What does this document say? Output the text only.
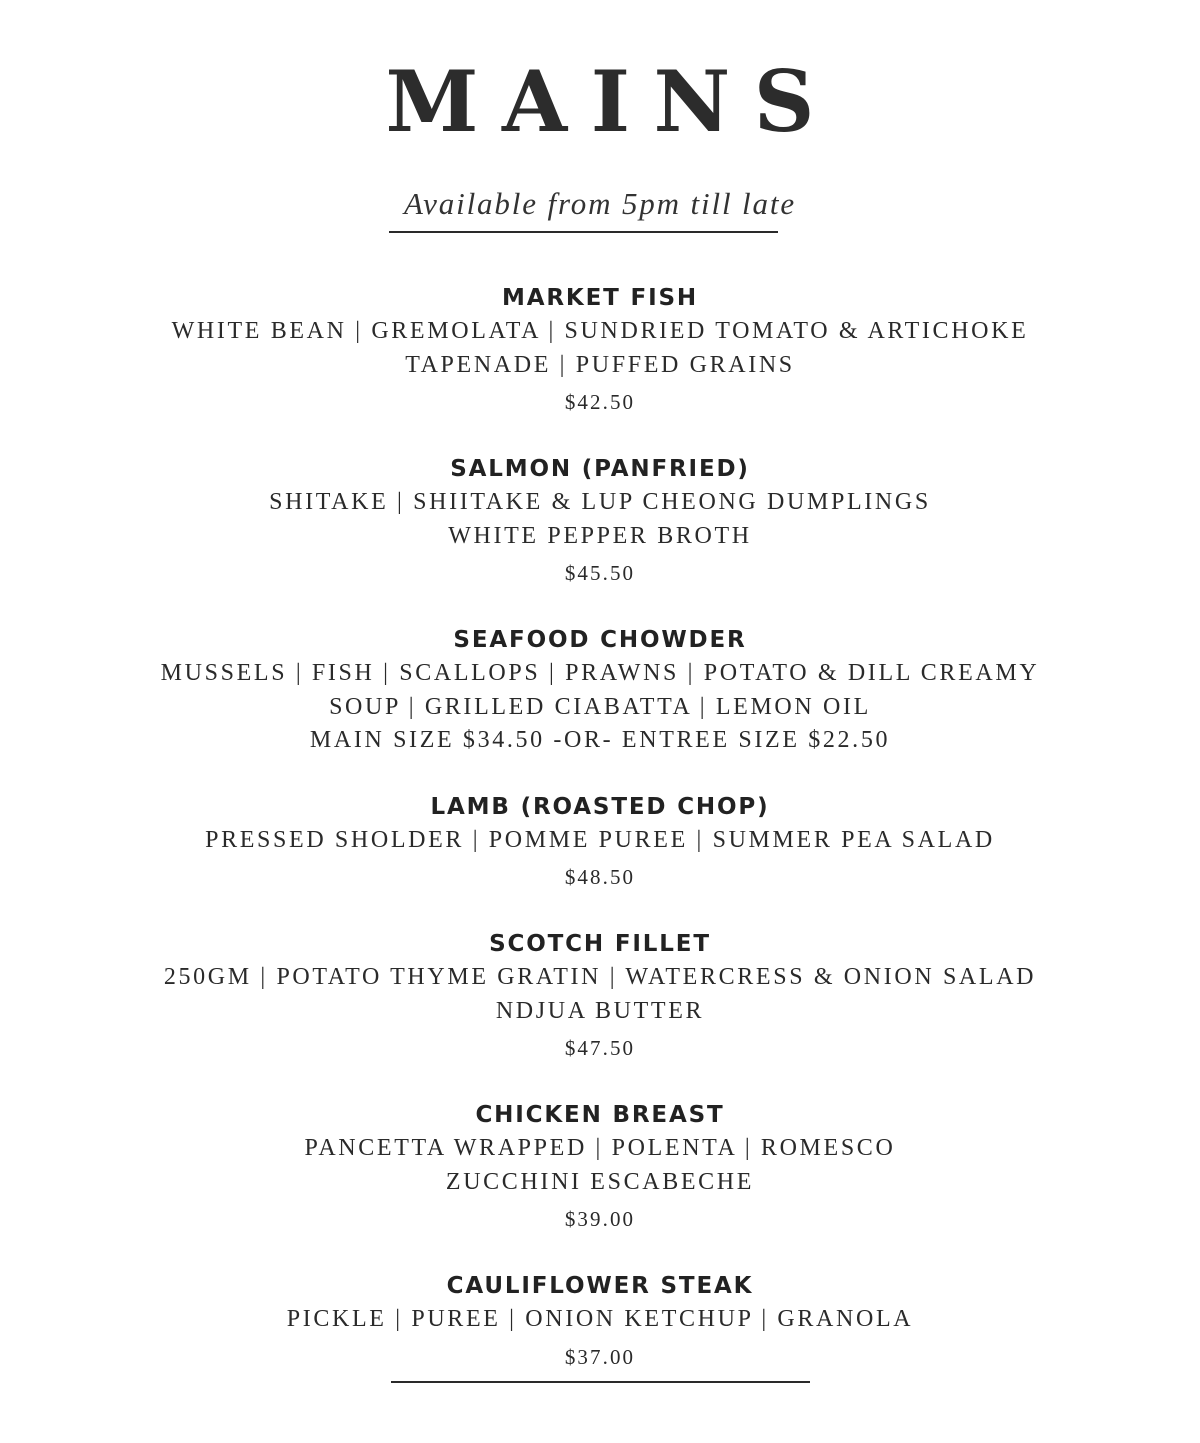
MAINS
Available from 5pm till late
MARKET FISH
WHITE BEAN | GREMOLATA | SUNDRIED TOMATO & ARTICHOKE
TAPENADE | PUFFED GRAINS
$42.50
SALMON (PANFRIED)
SHITAKE | SHIITAKE & LUP CHEONG DUMPLINGS
WHITE PEPPER BROTH
$45.50
SEAFOOD CHOWDER
MUSSELS | FISH | SCALLOPS | PRAWNS | POTATO & DILL CREAMY
SOUP | GRILLED CIABATTA | LEMON OIL
MAIN SIZE $34.50 -OR- ENTREE SIZE $22.50
LAMB (ROASTED CHOP)
PRESSED SHOLDER | POMME PUREE | SUMMER PEA SALAD
$48.50
SCOTCH FILLET
250GM | POTATO THYME GRATIN | WATERCRESS & ONION SALAD
NDJUA BUTTER
$47.50
CHICKEN BREAST
PANCETTA WRAPPED | POLENTA | ROMESCO
ZUCCHINI ESCABECHE
$39.00
CAULIFLOWER STEAK
PICKLE | PUREE | ONION KETCHUP | GRANOLA
$37.00
